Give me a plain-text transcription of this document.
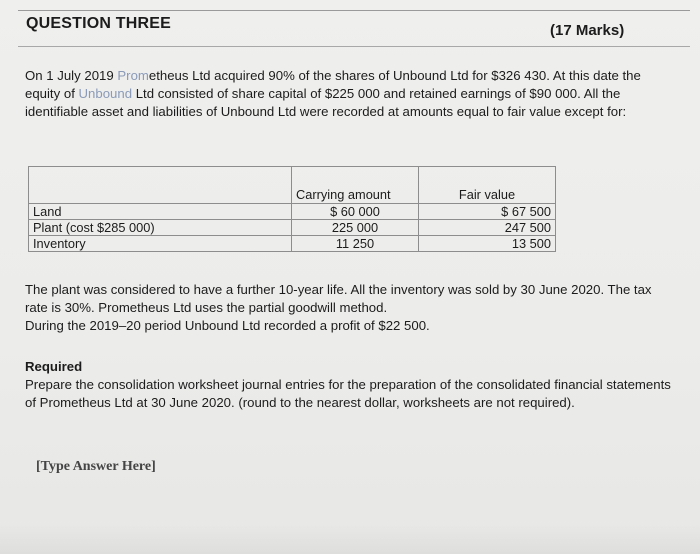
QUESTION THREE	(17 Marks)
On 1 July 2019 Prometheus Ltd acquired 90% of the shares of Unbound Ltd for $326 430. At this date the equity of Unbound Ltd consisted of share capital of $225 000 and retained earnings of $90 000. All the identifiable asset and liabilities of Unbound Ltd were recorded at amounts equal to fair value except for:
	Carrying amount	Fair value
Land	$ 60 000	$ 67 500
Plant (cost $285 000)	225 000	247 500
Inventory	11 250	13 500
The plant was considered to have a further 10-year life. All the inventory was sold by 30 June 2020. The tax rate is 30%. Prometheus Ltd uses the partial goodwill method.
During the 2019–20 period Unbound Ltd recorded a profit of $22 500.
Required
Prepare the consolidation worksheet journal entries for the preparation of the consolidated financial statements of Prometheus Ltd at 30 June 2020. (round to the nearest dollar, worksheets are not required).
[Type Answer Here]
